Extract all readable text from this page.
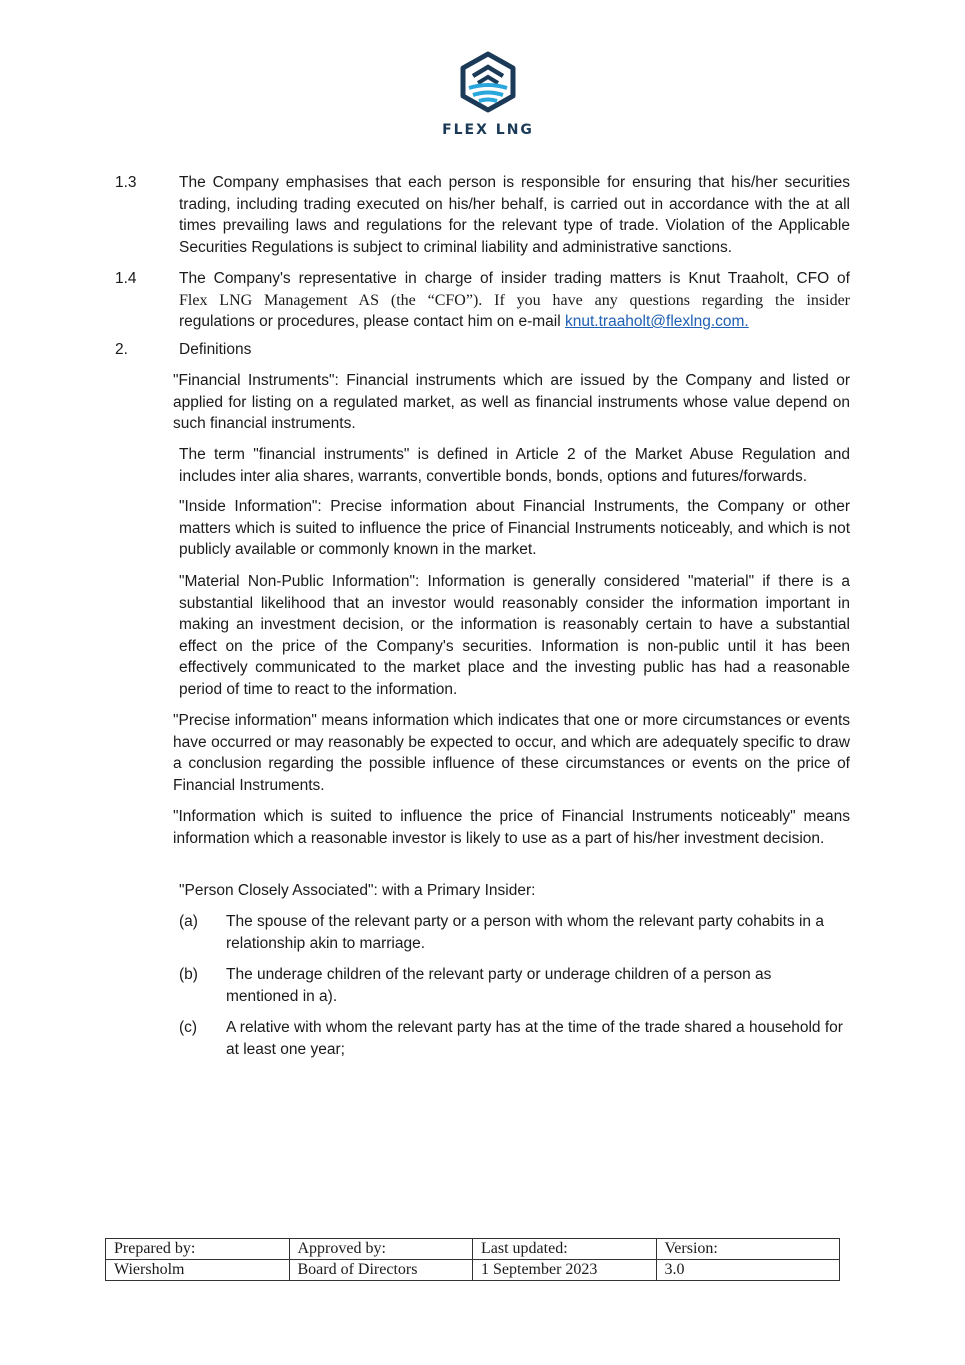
FLEX LNG
1.3	The Company emphasises that each person is responsible for ensuring that his/her securities trading, including trading executed on his/her behalf, is carried out in accordance with the at all times prevailing laws and regulations for the relevant type of trade. Violation of the Applicable Securities Regulations is subject to criminal liability and administrative sanctions.
1.4	The Company's representative in charge of insider trading matters is Knut Traaholt, CFO of
Flex LNG Management AS (the “CFO”). If you have any questions regarding the insider
regulations or procedures, please contact him on e-mail knut.traaholt@flexlng.com.
2.	Definitions
"Financial Instruments": Financial instruments which are issued by the Company and listed or applied for listing on a regulated market, as well as financial instruments whose value depend on such financial instruments.
The term "financial instruments" is defined in Article 2 of the Market Abuse Regulation and includes inter alia shares, warrants, convertible bonds, bonds, options and futures/forwards.
"Inside Information": Precise information about Financial Instruments, the Company or other matters which is suited to influence the price of Financial Instruments noticeably, and which is not publicly available or commonly known in the market.
"Material Non-Public Information": Information is generally considered "material" if there is a substantial likelihood that an investor would reasonably consider the information important in making an investment decision, or the information is reasonably certain to have a substantial effect on the price of the Company's securities. Information is non-public until it has been effectively communicated to the market place and the investing public has had a reasonable period of time to react to the information.
"Precise information" means information which indicates that one or more circumstances or events have occurred or may reasonably be expected to occur, and which are adequately specific to draw a conclusion regarding the possible influence of these circumstances or events on the price of Financial Instruments.
"Information which is suited to influence the price of Financial Instruments noticeably" means information which a reasonable investor is likely to use as a part of his/her investment decision.
"Person Closely Associated": with a Primary Insider:
(a) The spouse of the relevant party or a person with whom the relevant party cohabits in a relationship akin to marriage.
(b) The underage children of the relevant party or underage children of a person as mentioned in a).
(c) A relative with whom the relevant party has at the time of the trade shared a household for at least one year;
Prepared by:	Approved by:	Last updated:	Version:
Wiersholm	Board of Directors	1 September 2023	3.0
